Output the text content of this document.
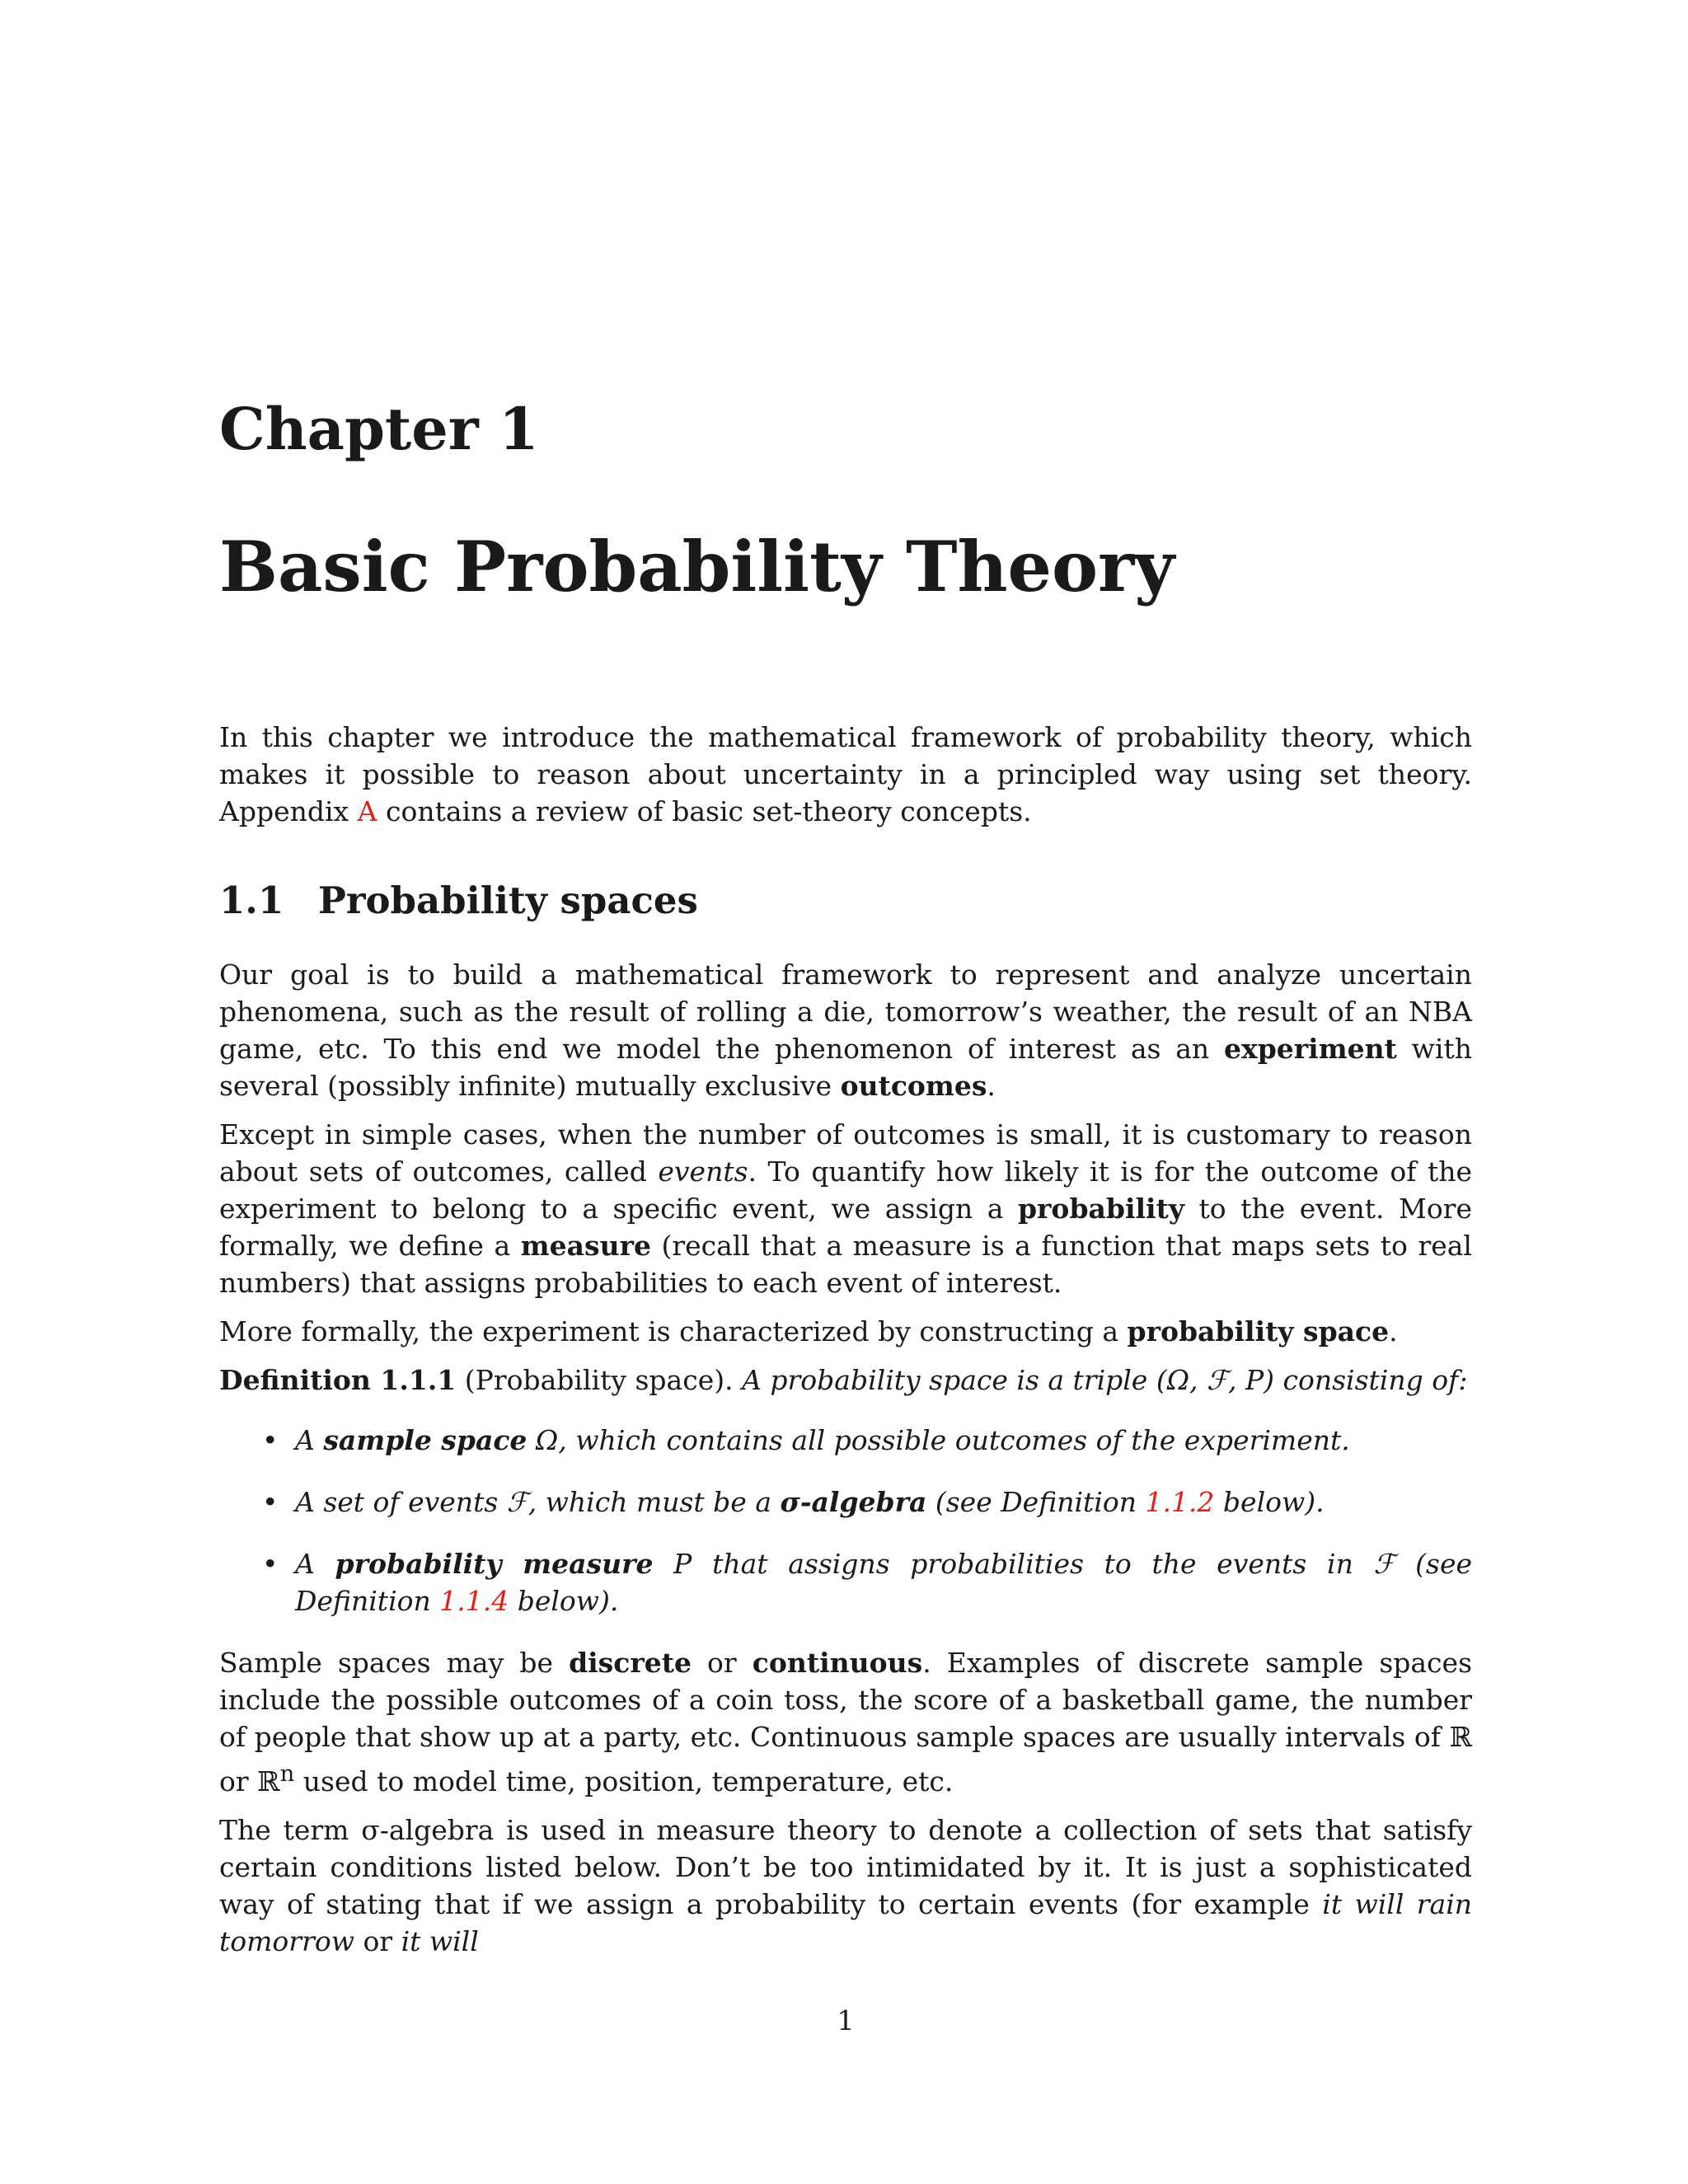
Chapter 1
Basic Probability Theory

In this chapter we introduce the mathematical framework of probability theory, which makes it possible to reason about uncertainty in a principled way using set theory. Appendix A contains a review of basic set-theory concepts.

1.1 Probability spaces

Our goal is to build a mathematical framework to represent and analyze uncertain phenomena, such as the result of rolling a die, tomorrow’s weather, the result of an NBA game, etc. To this end we model the phenomenon of interest as an experiment with several (possibly infinite) mutually exclusive outcomes.

Except in simple cases, when the number of outcomes is small, it is customary to reason about sets of outcomes, called events. To quantify how likely it is for the outcome of the experiment to belong to a specific event, we assign a probability to the event. More formally, we define a measure (recall that a measure is a function that maps sets to real numbers) that assigns probabilities to each event of interest.

More formally, the experiment is characterized by constructing a probability space.

Definition 1.1.1 (Probability space). A probability space is a triple (Ω, ℱ, P) consisting of:

• A sample space Ω, which contains all possible outcomes of the experiment.
• A set of events ℱ, which must be a σ-algebra (see Definition 1.1.2 below).
• A probability measure P that assigns probabilities to the events in ℱ (see Definition 1.1.4 below).

Sample spaces may be discrete or continuous. Examples of discrete sample spaces include the possible outcomes of a coin toss, the score of a basketball game, the number of people that show up at a party, etc. Continuous sample spaces are usually intervals of ℝ or ℝ$^n$ used to model time, position, temperature, etc.

The term σ-algebra is used in measure theory to denote a collection of sets that satisfy certain conditions listed below. Don’t be too intimidated by it. It is just a sophisticated way of stating that if we assign a probability to certain events (for example it will rain tomorrow or it will

1
